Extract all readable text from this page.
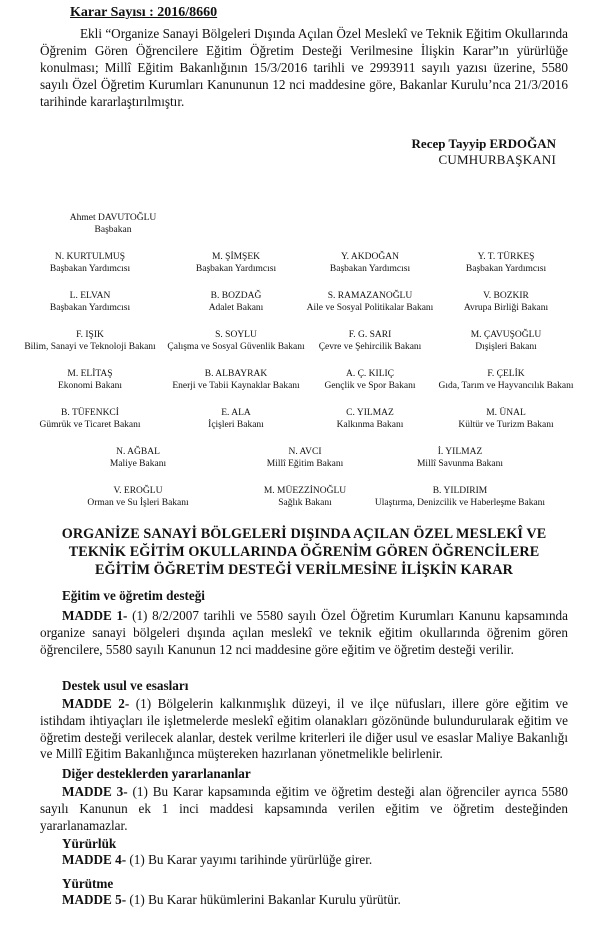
Karar Sayısı : 2016/8660

Ekli “Organize Sanayi Bölgeleri Dışında Açılan Özel Meslekî ve Teknik Eğitim Okullarında Öğrenim Gören Öğrencilere Eğitim Öğretim Desteği Verilmesine İlişkin Karar”ın yürürlüğe konulması; Millî Eğitim Bakanlığının 15/3/2016 tarihli ve 2993911 sayılı yazısı üzerine, 5580 sayılı Özel Öğretim Kurumları Kanununun 12 nci maddesine göre, Bakanlar Kurulu’nca 21/3/2016 tarihinde kararlaştırılmıştır.

Recep Tayyip ERDOĞAN
CUMHURBAŞKANI
Ahmet DAVUTOĞLU
Başbakan
N. KURTULMUŞ
Başbakan Yardımcısı
M. ŞİMŞEK
Başbakan Yardımcısı
Y. AKDOĞAN
Başbakan Yardımcısı
Y. T. TÜRKEŞ
Başbakan Yardımcısı
L. ELVAN
Başbakan Yardımcısı
B. BOZDAĞ
Adalet Bakanı
S. RAMAZANOĞLU
Aile ve Sosyal Politikalar Bakanı
V. BOZKIR
Avrupa Birliği Bakanı
F. IŞIK
Bilim, Sanayi ve Teknoloji Bakanı
S. SOYLU
Çalışma ve Sosyal Güvenlik Bakanı
F. G. SARI
Çevre ve Şehircilik Bakanı
M. ÇAVUŞOĞLU
Dışişleri Bakanı
M. ELİTAŞ
Ekonomi Bakanı
B. ALBAYRAK
Enerji ve Tabii Kaynaklar Bakanı
A. Ç. KILIÇ
Gençlik ve Spor Bakanı
F. ÇELİK
Gıda, Tarım ve Hayvancılık Bakanı
B. TÜFENKCİ
Gümrük ve Ticaret Bakanı
E. ALA
İçişleri Bakanı
C. YILMAZ
Kalkınma Bakanı
M. ÜNAL
Kültür ve Turizm Bakanı
N. AĞBAL
Maliye Bakanı
N. AVCI
Millî Eğitim Bakanı
İ. YILMAZ
Millî Savunma Bakanı
V. EROĞLU
Orman ve Su İşleri Bakanı
M. MÜEZZİNOĞLU
Sağlık Bakanı
B. YILDIRIM
Ulaştırma, Denizcilik ve Haberleşme Bakanı
ORGANİZE SANAYİ BÖLGELERİ DIŞINDA AÇILAN ÖZEL MESLEKÎ VE TEKNİK EĞİTİM OKULLARINDA ÖĞRENİM GÖREN ÖĞRENCİLERE EĞİTİM ÖĞRETİM DESTEĞİ VERİLMESİNE İLİŞKİN KARAR
Eğitim ve öğretim desteği

MADDE 1- (1) 8/2/2007 tarihli ve 5580 sayılı Özel Öğretim Kurumları Kanunu kapsamında organize sanayi bölgeleri dışında açılan meslekî ve teknik eğitim okullarında öğrenim gören öğrencilere, 5580 sayılı Kanunun 12 nci maddesine göre eğitim ve öğretim desteği verilir.

Destek usul ve esasları

MADDE 2- (1) Bölgelerin kalkınmışlık düzeyi, il ve ilçe nüfusları, illere göre eğitim ve istihdam ihtiyaçları ile işletmelerde meslekî eğitim olanakları gözönünde bulundurularak eğitim ve öğretim desteği verilecek alanlar, destek verilme kriterleri ile diğer usul ve esaslar Maliye Bakanlığı ve Millî Eğitim Bakanlığınca müştereken hazırlanan yönetmelikle belirlenir.

Diğer desteklerden yararlananlar

MADDE 3- (1) Bu Karar kapsamında eğitim ve öğretim desteği alan öğrenciler ayrıca 5580 sayılı Kanunun ek 1 inci maddesi kapsamında verilen eğitim ve öğretim desteğinden yararlanamazlar.

Yürürlük

MADDE 4- (1) Bu Karar yayımı tarihinde yürürlüğe girer.

Yürütme

MADDE 5- (1) Bu Karar hükümlerini Bakanlar Kurulu yürütür.
